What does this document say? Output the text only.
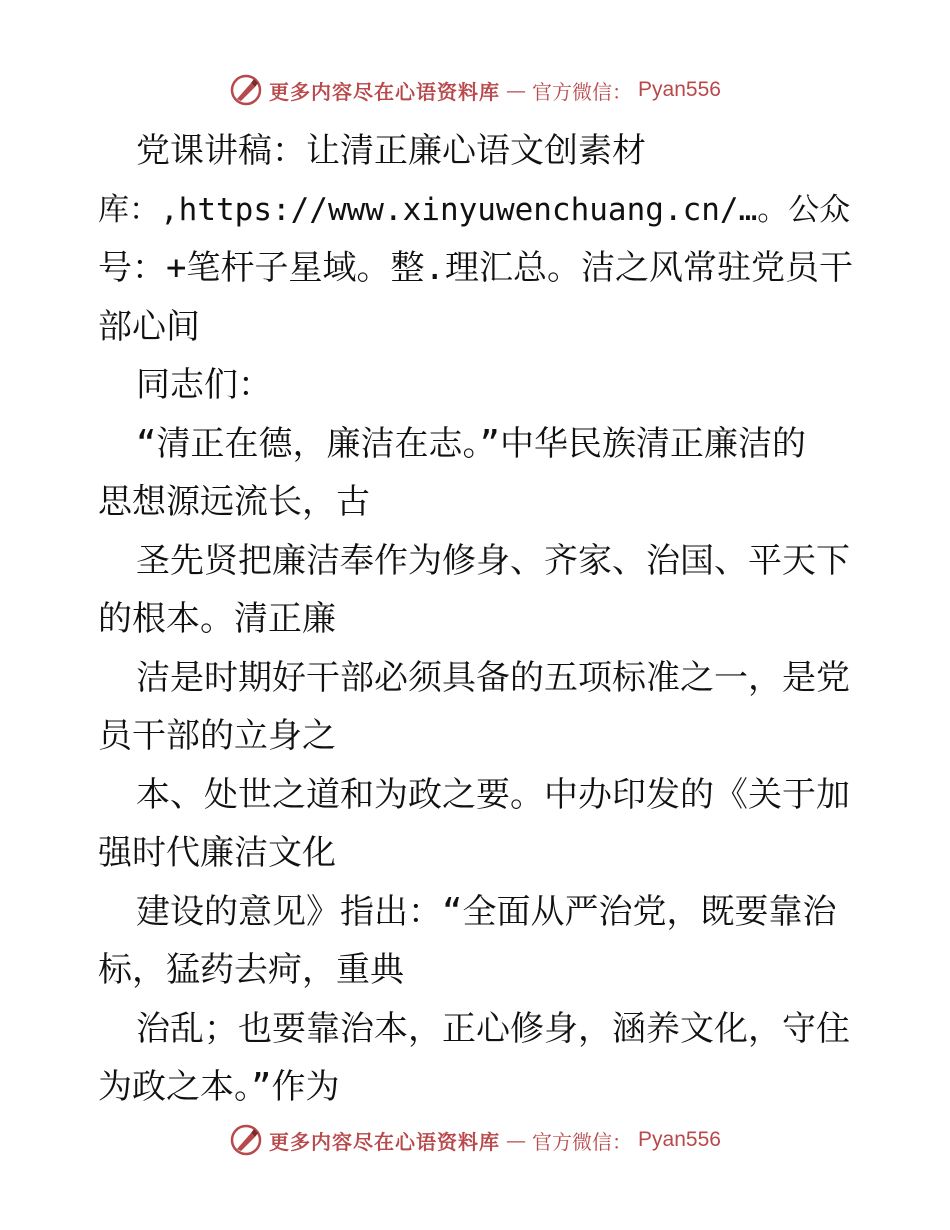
更多内容尽在心语资料库 — 官方微信： Pyan556
党课讲稿：让清正廉心语文创素材
库：,https://www.xinyuwenchuang.cn/…。公众
号：+笔杆子星域。整.理汇总。洁之风常驻党员干
部心间
同志们：
“清正在德，廉洁在志。”中华民族清正廉洁的
思想源远流长，古
圣先贤把廉洁奉作为修身、齐家、治国、平天下
的根本。清正廉
洁是时期好干部必须具备的五项标准之一，是党
员干部的立身之
本、处世之道和为政之要。中办印发的《关于加
强时代廉洁文化
建设的意见》指出：“全面从严治党，既要靠治
标，猛药去疴，重典
治乱；也要靠治本，正心修身，涵养文化，守住
为政之本。”作为
更多内容尽在心语资料库 — 官方微信： Pyan556
